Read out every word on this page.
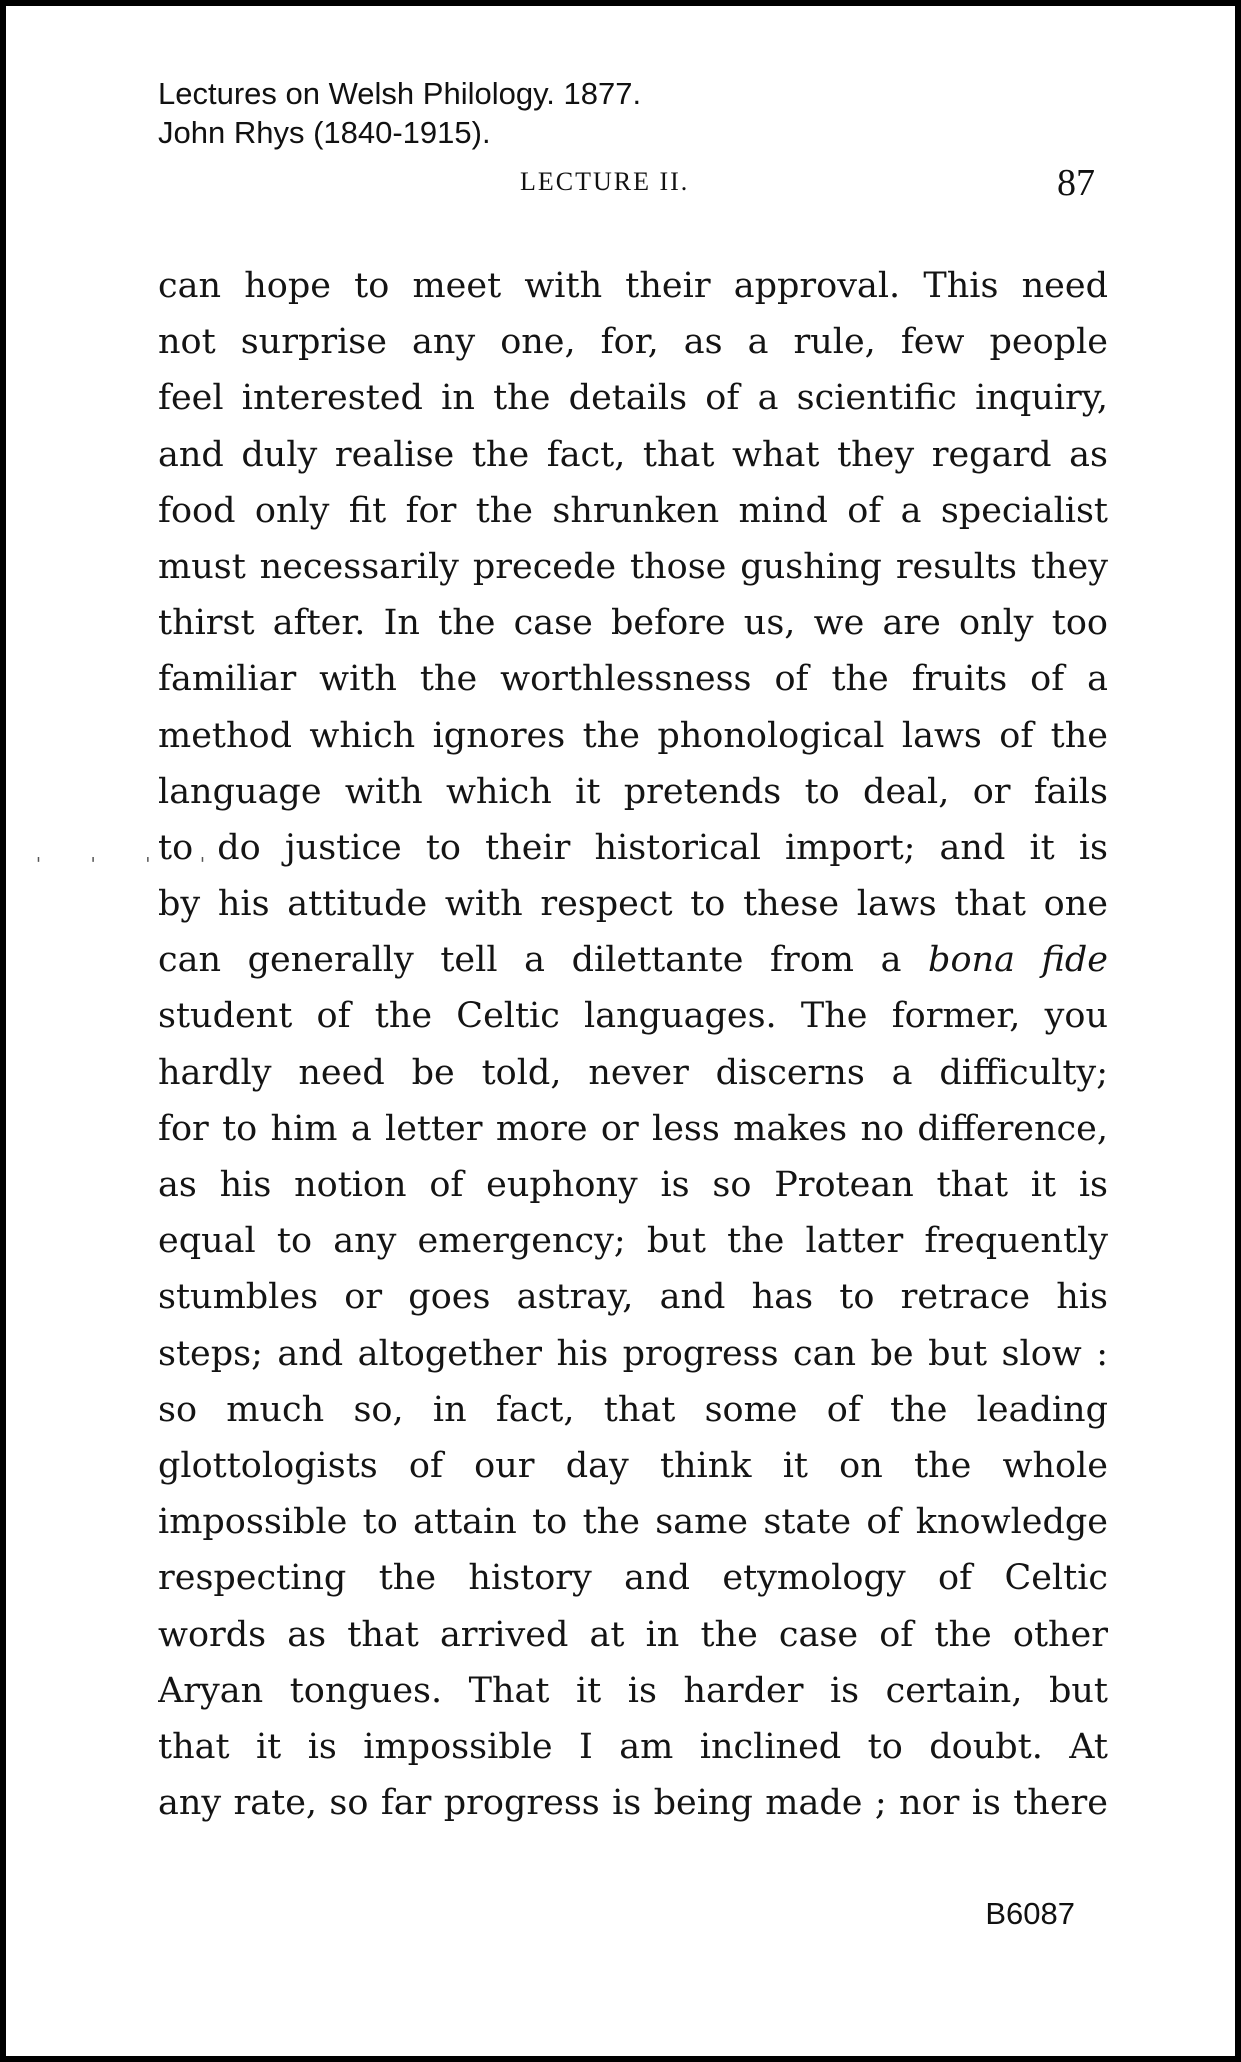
Lectures on Welsh Philology. 1877.
John Rhys (1840-1915).
LECTURE II.	87
' ' ' '
can hope to meet with their approval. This need
not surprise any one, for, as a rule, few people
feel interested in the details of a scientific inquiry,
and duly realise the fact, that what they regard as
food only fit for the shrunken mind of a specialist
must necessarily precede those gushing results they
thirst after. In the case before us, we are only too
familiar with the worthlessness of the fruits of a
method which ignores the phonological laws of the
language with which it pretends to deal, or fails
to do justice to their historical import; and it is
by his attitude with respect to these laws that one
can generally tell a dilettante from a bona fide
student of the Celtic languages. The former, you
hardly need be told, never discerns a difficulty;
for to him a letter more or less makes no difference,
as his notion of euphony is so Protean that it is
equal to any emergency; but the latter frequently
stumbles or goes astray, and has to retrace his
steps; and altogether his progress can be but slow :
so much so, in fact, that some of the leading
glottologists of our day think it on the whole
impossible to attain to the same state of knowledge
respecting the history and etymology of Celtic
words as that arrived at in the case of the other
Aryan tongues. That it is harder is certain, but
that it is impossible I am inclined to doubt. At
any rate, so far progress is being made ; nor is there
B6087
